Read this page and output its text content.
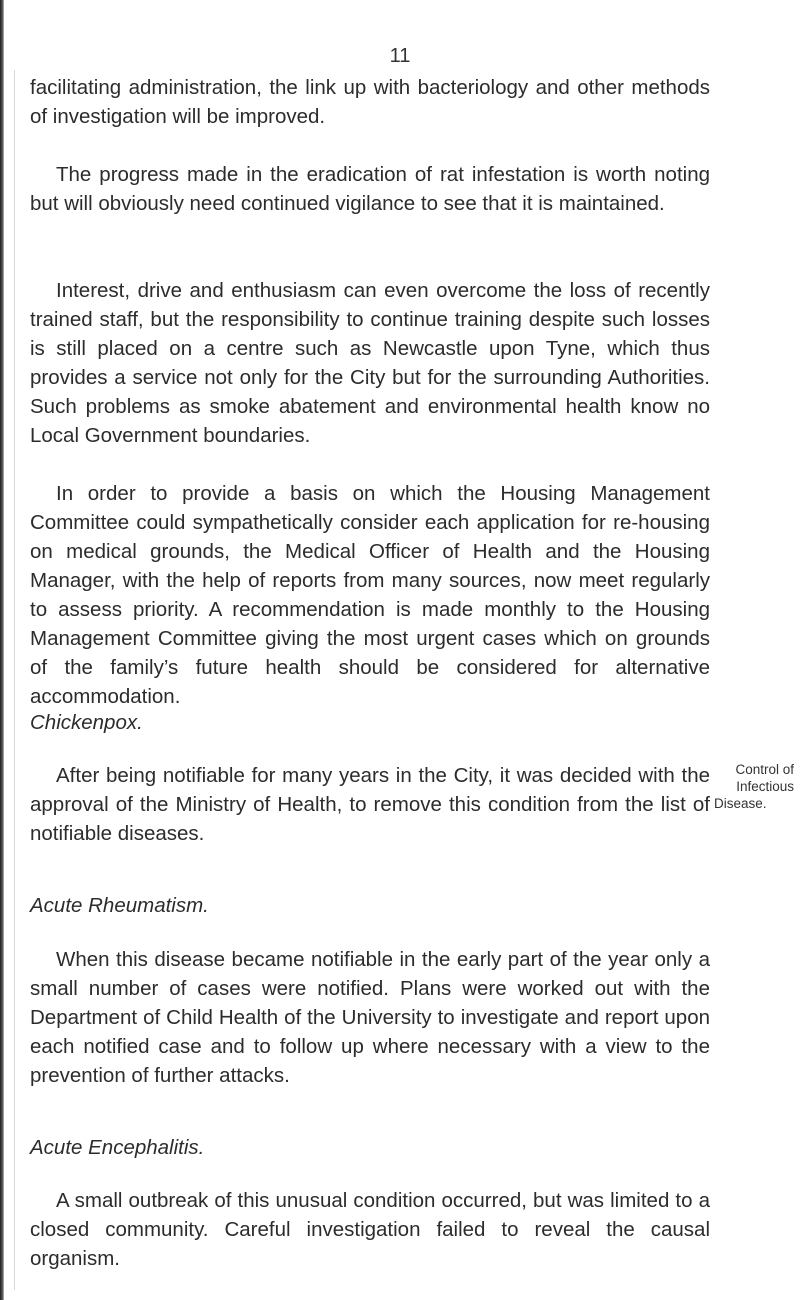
11

facilitating administration, the link up with bacteriology and other methods of investigation will be improved.

The progress made in the eradication of rat infestation is worth noting but will obviously need continued vigilance to see that it is maintained.

Interest, drive and enthusiasm can even overcome the loss of recently trained staff, but the responsibility to continue training despite such losses is still placed on a centre such as Newcastle upon Tyne, which thus provides a service not only for the City but for the surrounding Authorities. Such problems as smoke abatement and environmental health know no Local Government boundaries.

In order to provide a basis on which the Housing Management Committee could sympathetically consider each application for re-housing on medical grounds, the Medical Officer of Health and the Housing Manager, with the help of reports from many sources, now meet regularly to assess priority. A recommendation is made monthly to the Housing Management Committee giving the most urgent cases which on grounds of the family’s future health should be considered for alternative accommodation.

Chickenpox.

After being notifiable for many years in the City, it was decided with the approval of the Ministry of Health, to remove this condition from the list of notifiable diseases.

Control of
Infectious
Disease.
Acute Rheumatism.

When this disease became notifiable in the early part of the year only a small number of cases were notified. Plans were worked out with the Department of Child Health of the University to investigate and report upon each notified case and to follow up where necessary with a view to the prevention of further attacks.

Acute Encephalitis.

A small outbreak of this unusual condition occurred, but was limited to a closed community. Careful investigation failed to reveal the causal organism.
